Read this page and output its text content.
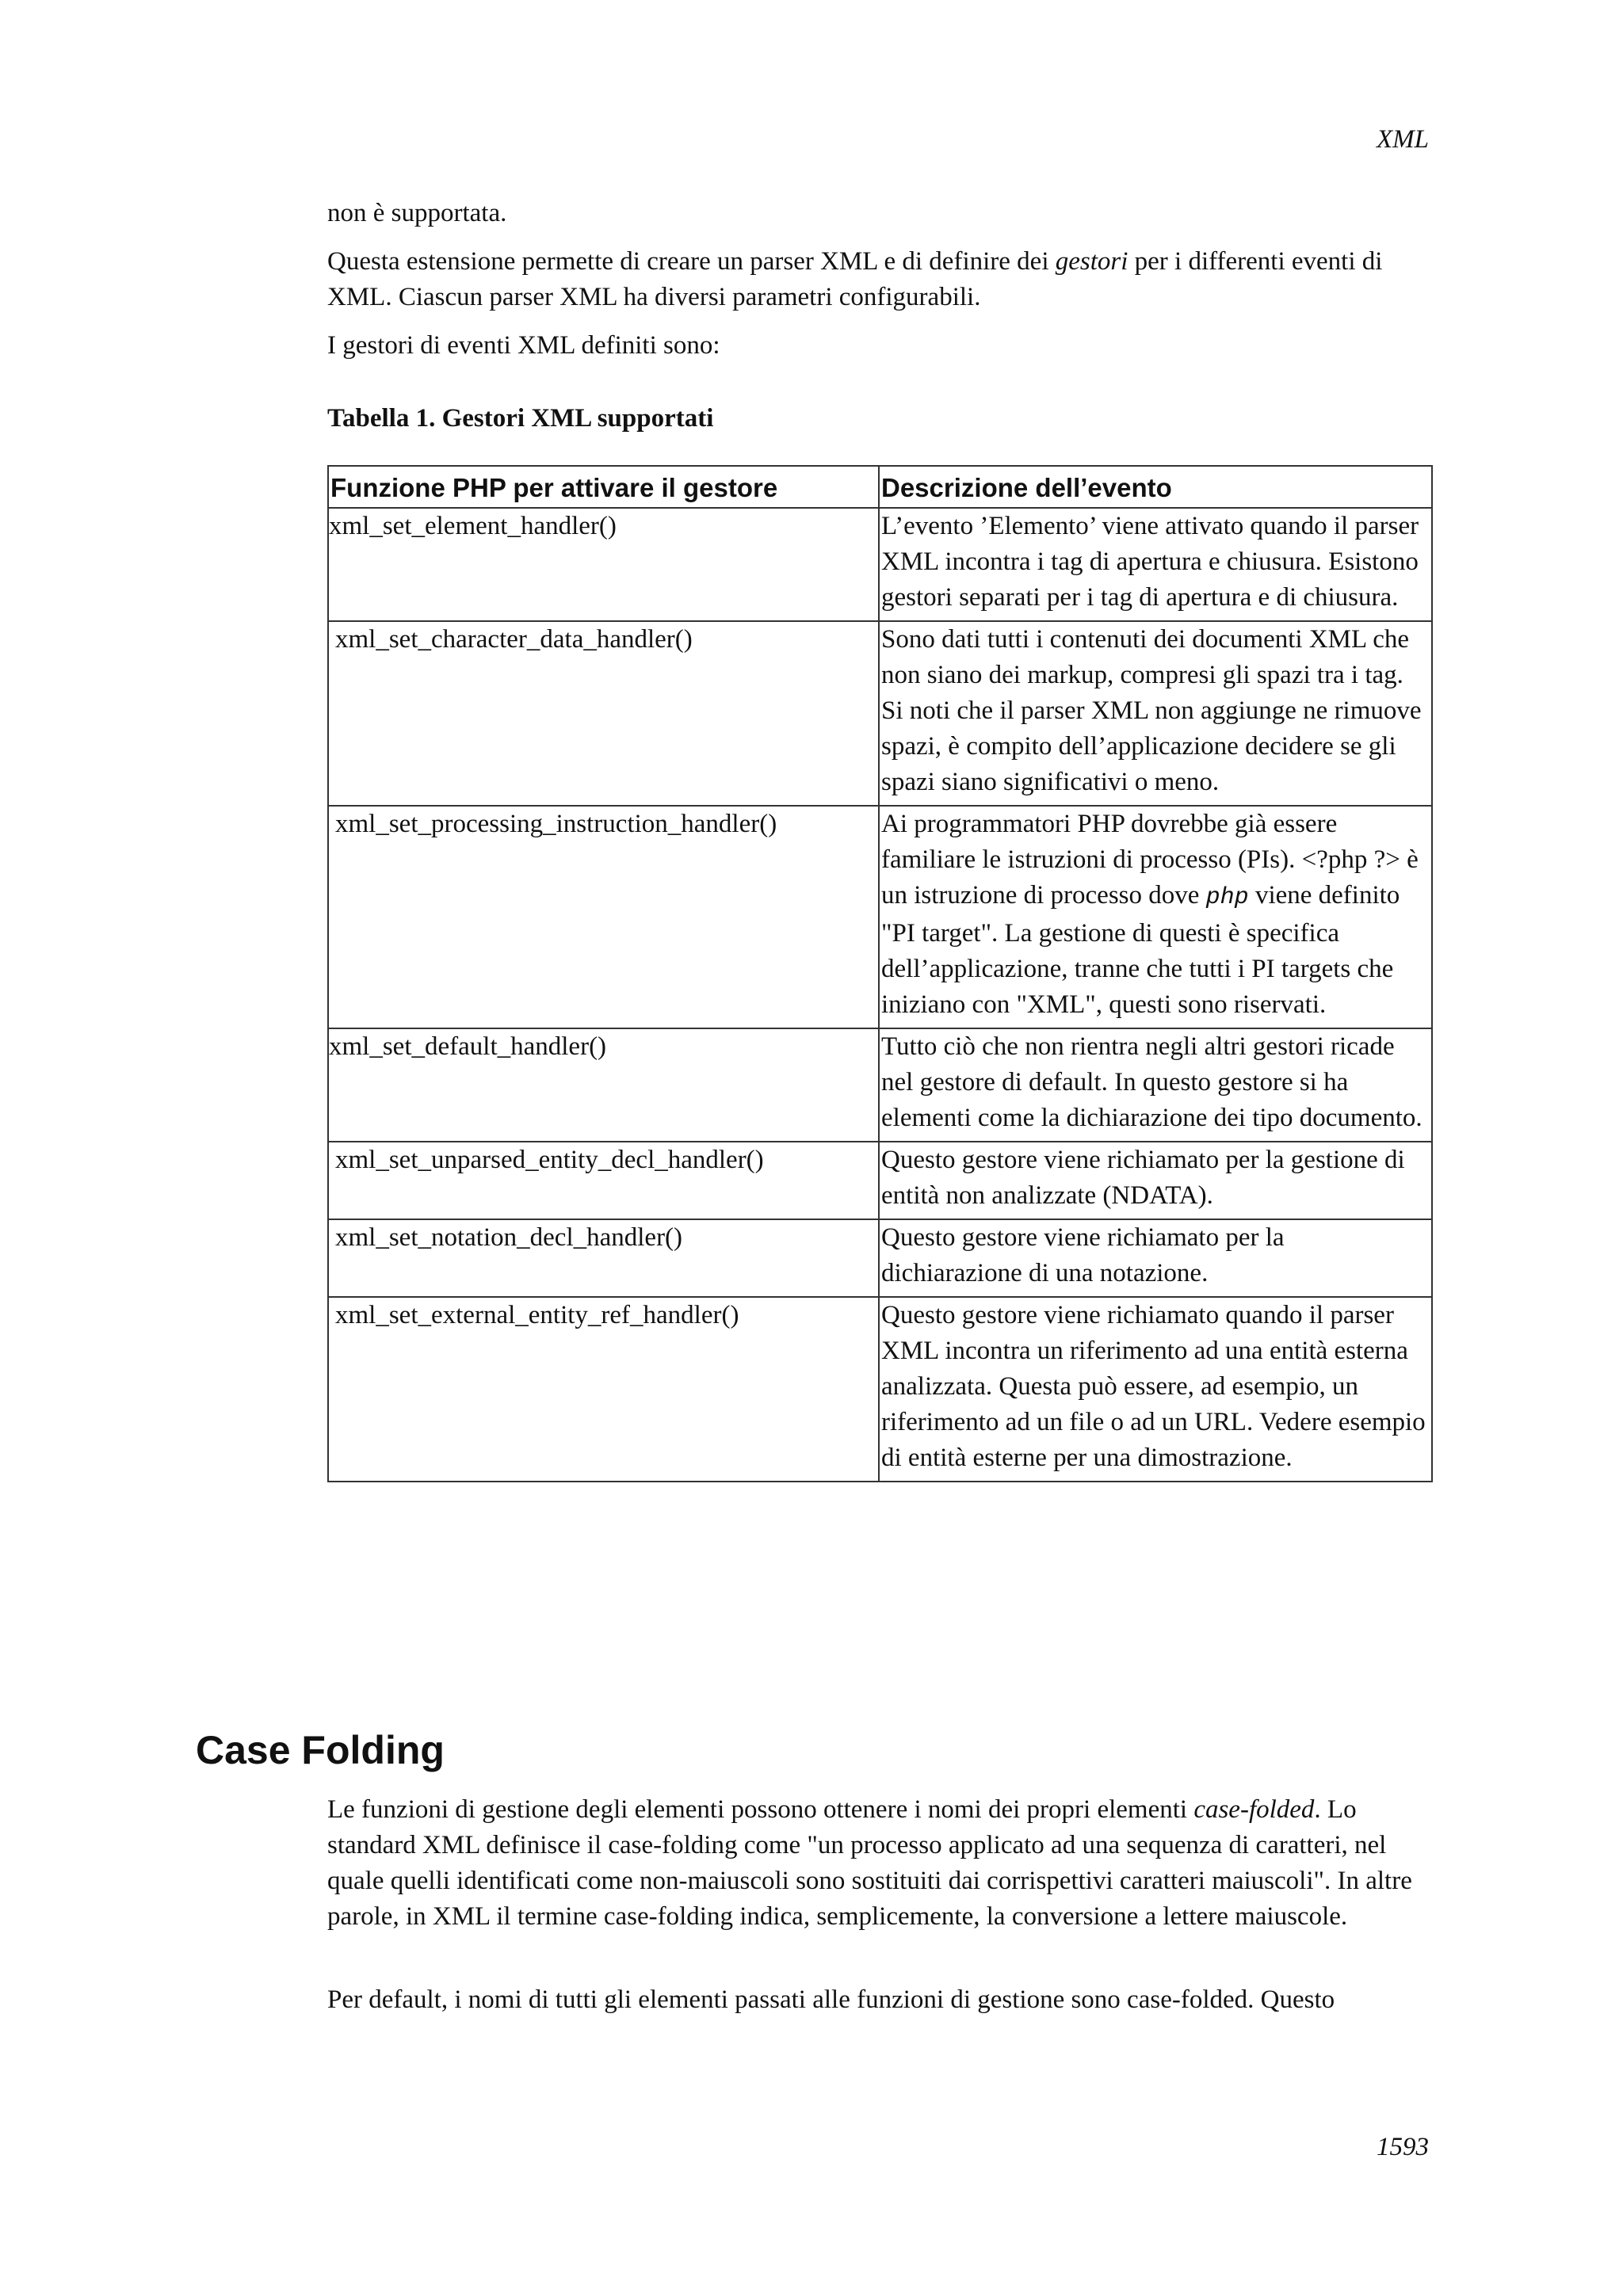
XML

non è supportata.

Questa estensione permette di creare un parser XML e di definire dei gestori per i differenti eventi di XML. Ciascun parser XML ha diversi parametri configurabili.

I gestori di eventi XML definiti sono:

Tabella 1. Gestori XML supportati

Funzione PHP per attivare il gestore	Descrizione dell’evento
xml_set_element_handler()	L’evento ’Elemento’ viene attivato quando il parser XML incontra i tag di apertura e chiusura. Esistono gestori separati per i tag di apertura e di chiusura.
xml_set_character_data_handler()	Sono dati tutti i contenuti dei documenti XML che non siano dei markup, compresi gli spazi tra i tag. Si noti che il parser XML non aggiunge ne rimuove spazi, è compito dell’applicazione decidere se gli spazi siano significativi o meno.
xml_set_processing_instruction_handler()	Ai programmatori PHP dovrebbe già essere familiare le istruzioni di processo (PIs). <?php ?> è un istruzione di processo dove php viene definito "PI target". La gestione di questi è specifica dell’applicazione, tranne che tutti i PI targets che iniziano con "XML", questi sono riservati.
xml_set_default_handler()	Tutto ciò che non rientra negli altri gestori ricade nel gestore di default. In questo gestore si ha elementi come la dichiarazione dei tipo documento.
xml_set_unparsed_entity_decl_handler()	Questo gestore viene richiamato per la gestione di entità non analizzate (NDATA).
xml_set_notation_decl_handler()	Questo gestore viene richiamato per la dichiarazione di una notazione.
xml_set_external_entity_ref_handler()	Questo gestore viene richiamato quando il parser XML incontra un riferimento ad una entità esterna analizzata. Questa può essere, ad esempio, un riferimento ad un file o ad un URL. Vedere esempio di entità esterne per una dimostrazione.
Case Folding

Le funzioni di gestione degli elementi possono ottenere i nomi dei propri elementi case-folded. Lo standard XML definisce il case-folding come "un processo applicato ad una sequenza di caratteri, nel quale quelli identificati come non-maiuscoli sono sostituiti dai corrispettivi caratteri maiuscoli". In altre parole, in XML il termine case-folding indica, semplicemente, la conversione a lettere maiuscole.

Per default, i nomi di tutti gli elementi passati alle funzioni di gestione sono case-folded. Questo

1593
